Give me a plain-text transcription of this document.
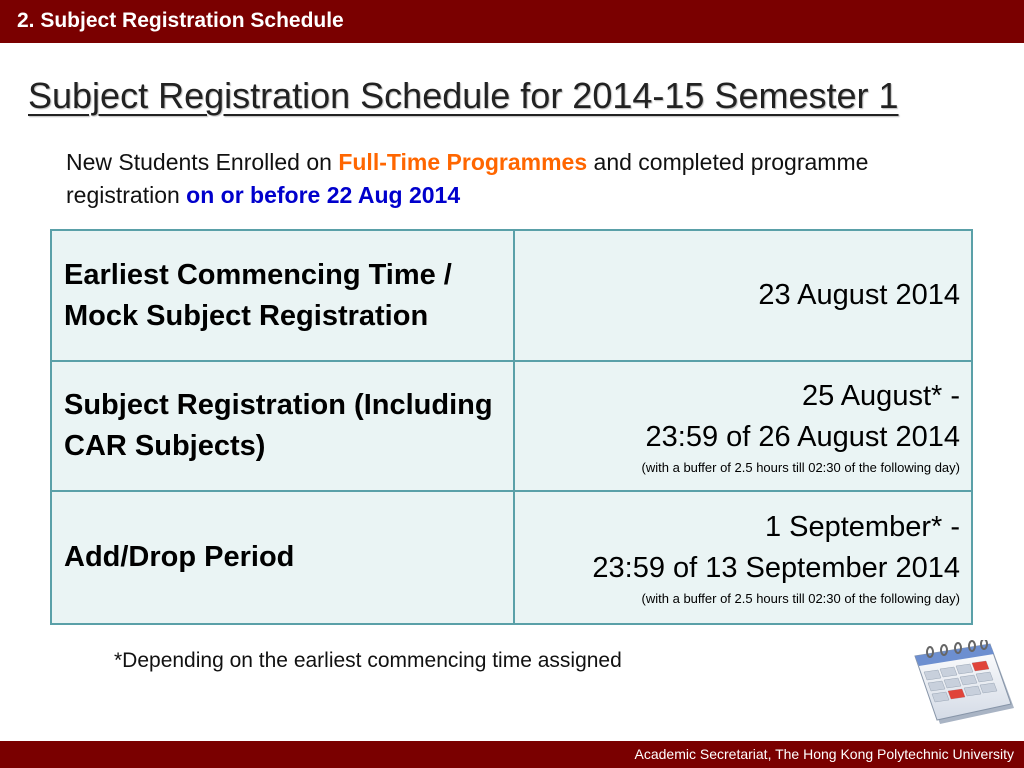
2. Subject Registration Schedule
Subject Registration Schedule for 2014-15 Semester 1
New Students Enrolled on Full-Time Programmes and completed programme registration on or before 22 Aug 2014
Earliest Commencing Time / Mock Subject Registration	23 August 2014
Subject Registration (Including CAR Subjects)	25 August* -
23:59 of 26 August 2014
(with a buffer of 2.5 hours till 02:30 of the following day)

Add/Drop Period	1 September* -
23:59 of 13 September 2014
(with a buffer of 2.5 hours till 02:30 of the following day)
*Depending on the earliest commencing time assigned
Academic Secretariat, The Hong Kong Polytechnic University
